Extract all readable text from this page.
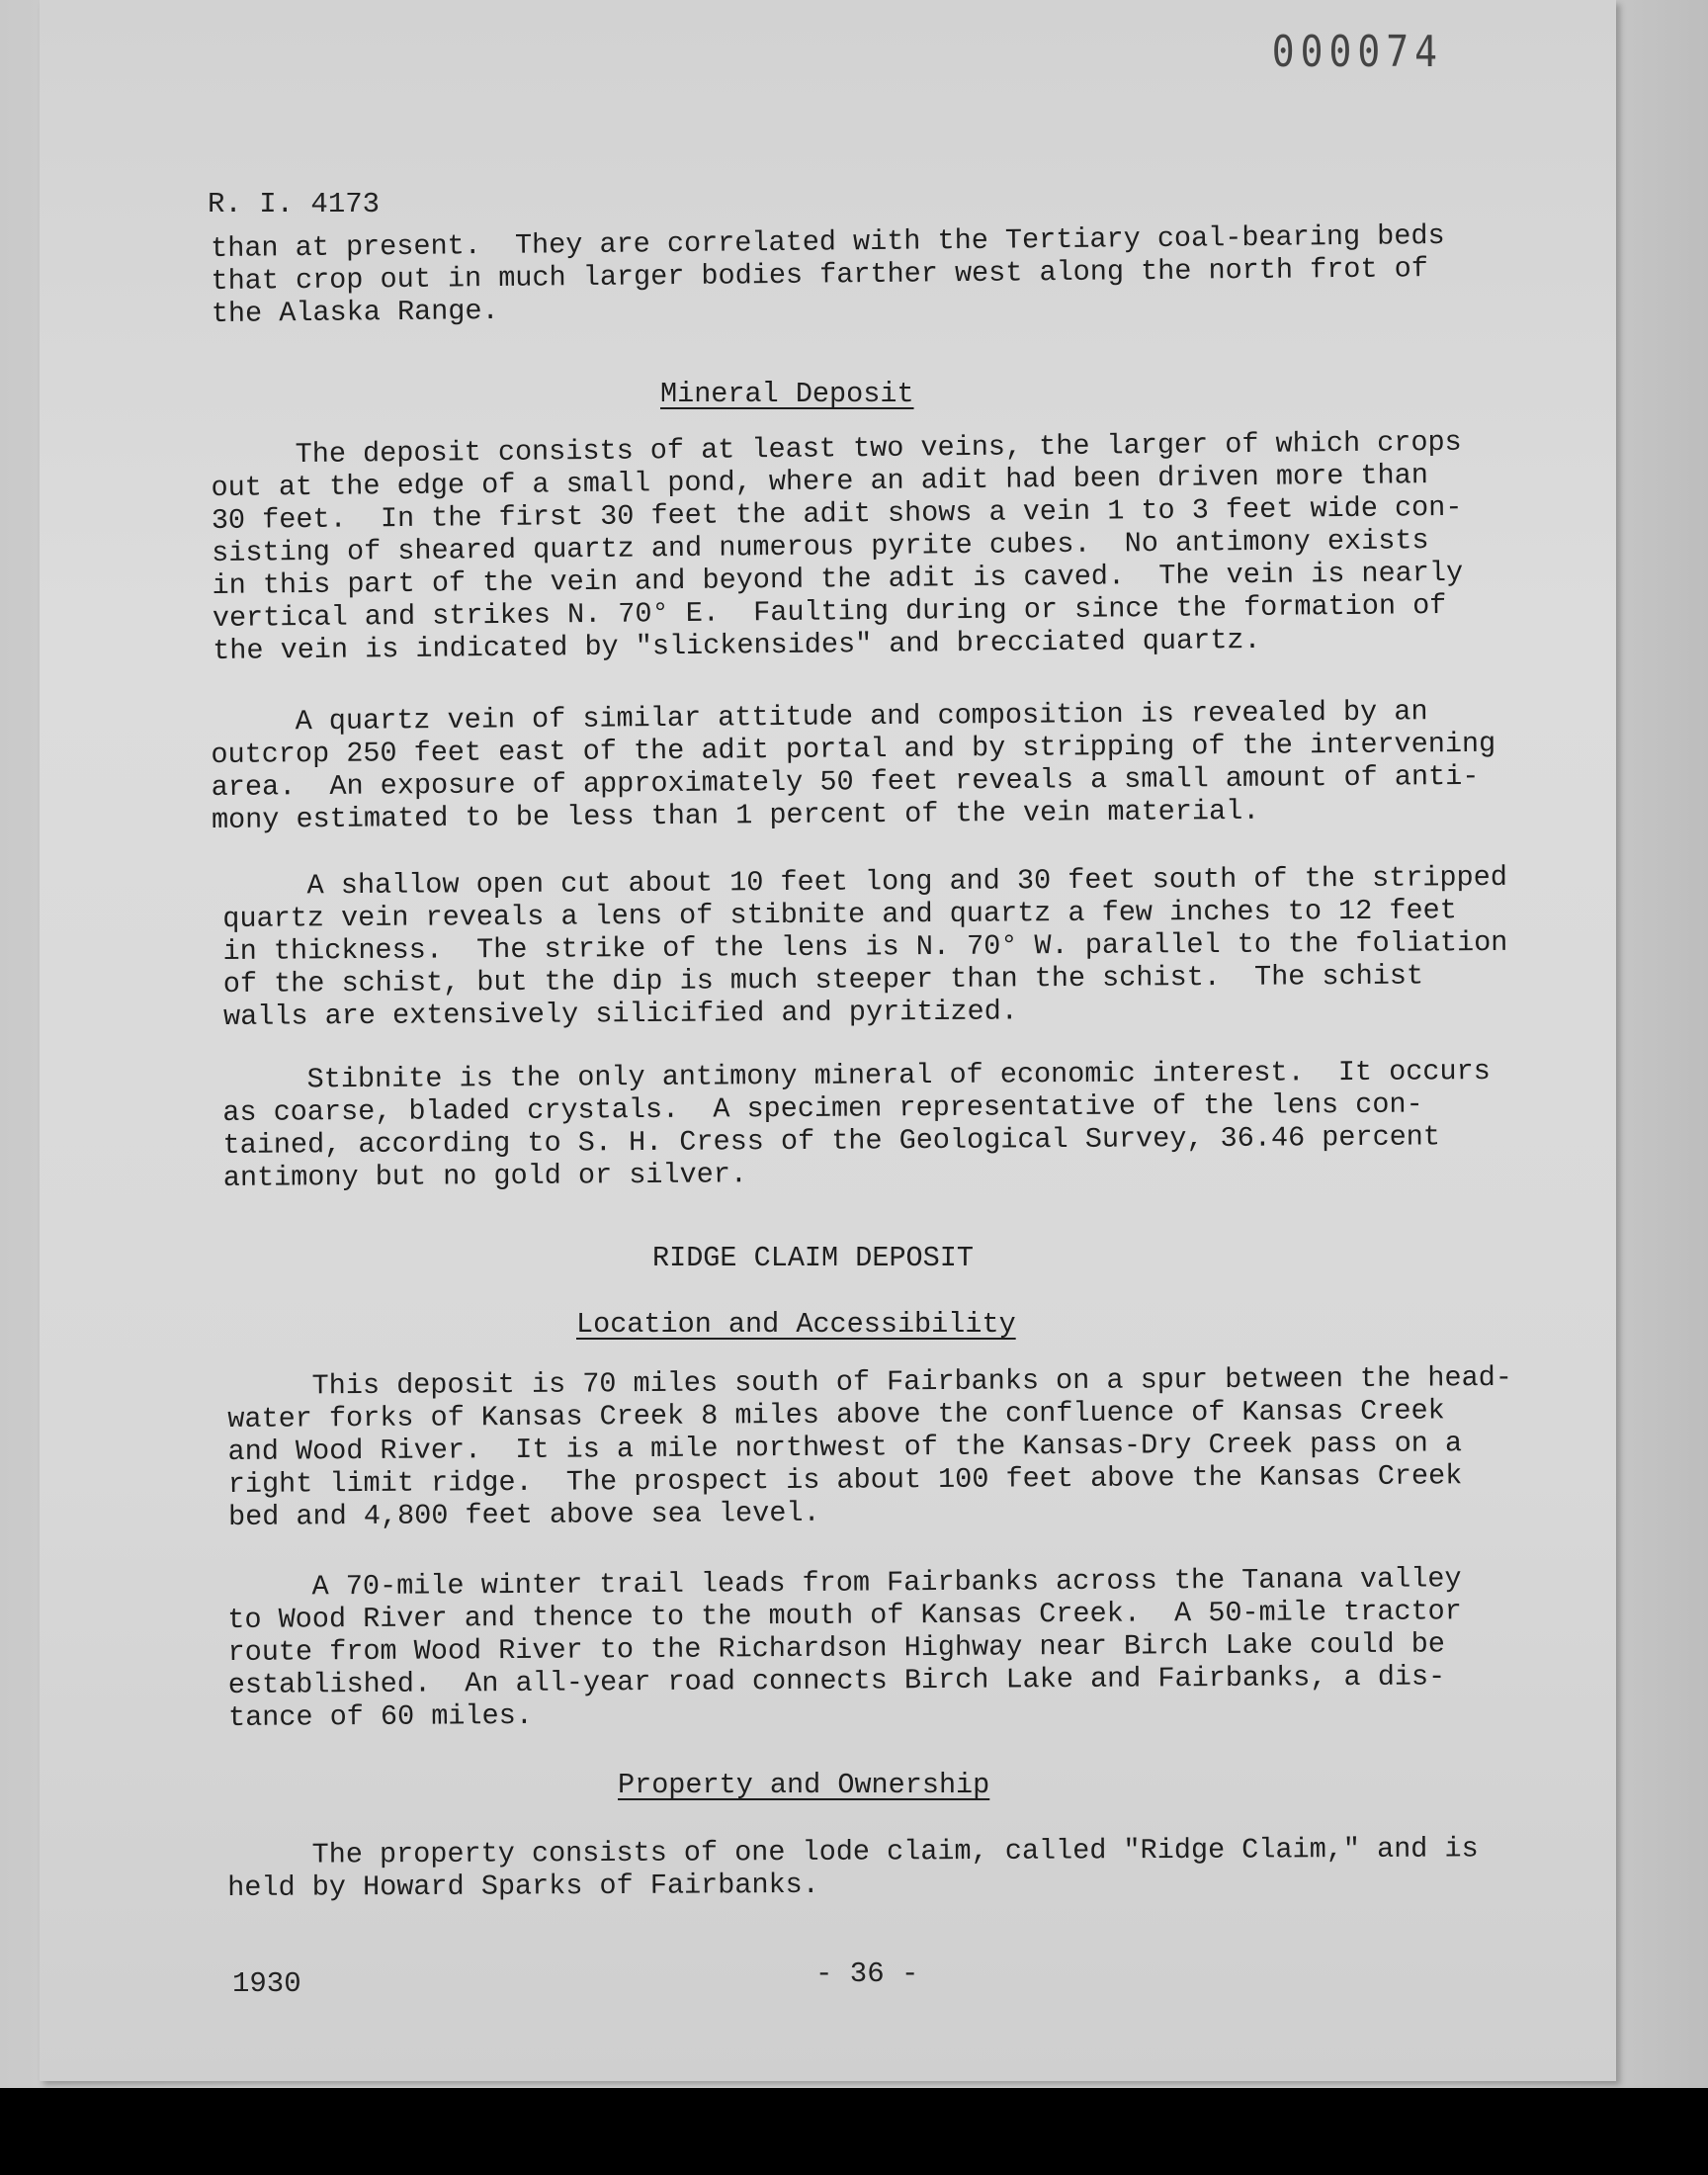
000074
R. I. 4173
than at present.  They are correlated with the Tertiary coal-bearing beds
that crop out in much larger bodies farther west along the north frot of
the Alaska Range.
Mineral Deposit
The deposit consists of at least two veins, the larger of which crops
out at the edge of a small pond, where an adit had been driven more than
30 feet.  In the first 30 feet the adit shows a vein 1 to 3 feet wide con-
sisting of sheared quartz and numerous pyrite cubes.  No antimony exists
in this part of the vein and beyond the adit is caved.  The vein is nearly
vertical and strikes N. 70° E.  Faulting during or since the formation of
the vein is indicated by "slickensides" and brecciated quartz.
A quartz vein of similar attitude and composition is revealed by an
outcrop 250 feet east of the adit portal and by stripping of the intervening
area.  An exposure of approximately 50 feet reveals a small amount of anti-
mony estimated to be less than 1 percent of the vein material.
A shallow open cut about 10 feet long and 30 feet south of the stripped
quartz vein reveals a lens of stibnite and quartz a few inches to 12 feet
in thickness.  The strike of the lens is N. 70° W. parallel to the foliation
of the schist, but the dip is much steeper than the schist.  The schist
walls are extensively silicified and pyritized.
Stibnite is the only antimony mineral of economic interest.  It occurs
as coarse, bladed crystals.  A specimen representative of the lens con-
tained, according to S. H. Cress of the Geological Survey, 36.46 percent
antimony but no gold or silver.
RIDGE CLAIM DEPOSIT
Location and Accessibility
This deposit is 70 miles south of Fairbanks on a spur between the head-
water forks of Kansas Creek 8 miles above the confluence of Kansas Creek
and Wood River.  It is a mile northwest of the Kansas-Dry Creek pass on a
right limit ridge.  The prospect is about 100 feet above the Kansas Creek
bed and 4,800 feet above sea level.
A 70-mile winter trail leads from Fairbanks across the Tanana valley
to Wood River and thence to the mouth of Kansas Creek.  A 50-mile tractor
route from Wood River to the Richardson Highway near Birch Lake could be
established.  An all-year road connects Birch Lake and Fairbanks, a dis-
tance of 60 miles.
Property and Ownership
The property consists of one lode claim, called "Ridge Claim," and is
held by Howard Sparks of Fairbanks.
1930	- 36 -
